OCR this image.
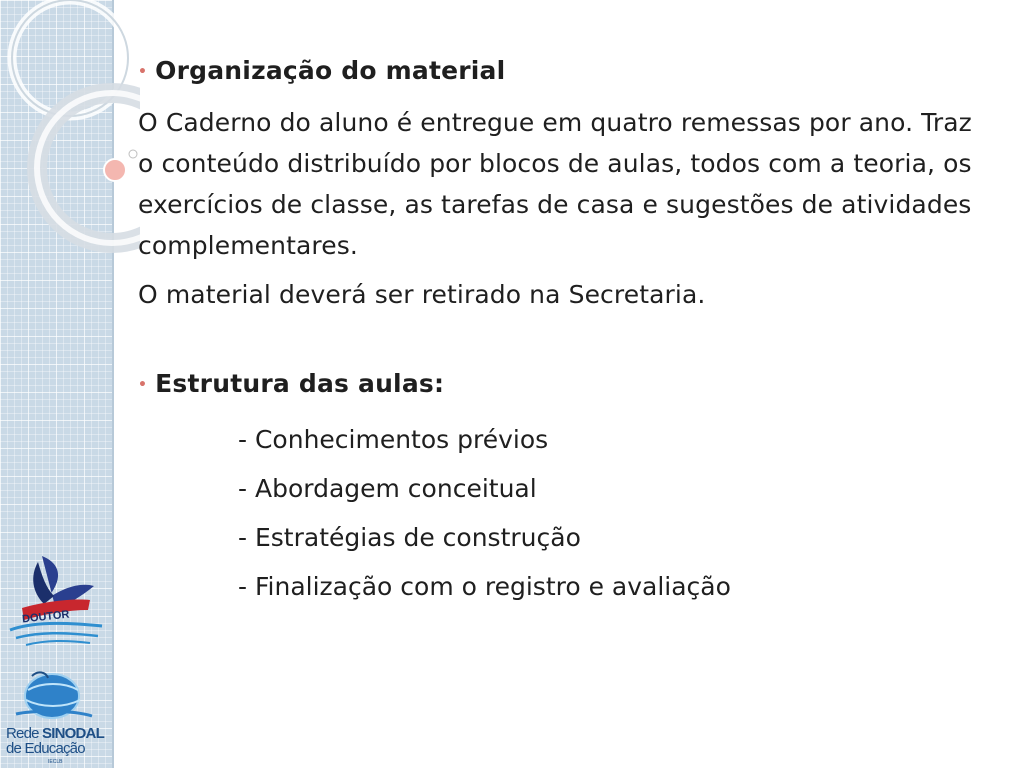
DOUTOR
Rede SINODAL
de Educação
IECLB

• Organização do material

O Caderno do aluno é entregue em quatro remessas por ano. Traz o conteúdo distribuído por blocos de aulas, todos com a teoria, os exercícios de classe, as tarefas de casa e sugestões de atividades complementares.

O material deverá ser retirado na Secretaria.

• Estrutura das aulas:

- Conhecimentos prévios
- Abordagem conceitual
- Estratégias de construção
- Finalização com o registro e avaliação
